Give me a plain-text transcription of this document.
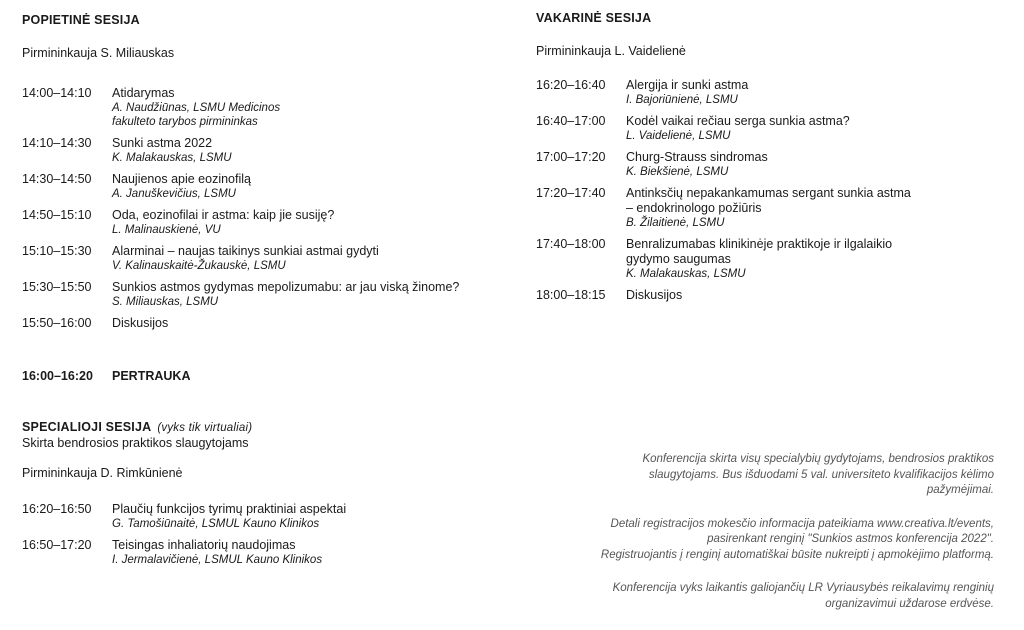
POPIETINĖ SESIJA
Pirmininkauja S. Miliauskas
14:00–14:10	Atidarymas
A. Naudžiūnas, LSMU Medicinos
fakulteto tarybos pirmininkas
14:10–14:30	Sunki astma 2022
K. Malakauskas, LSMU
14:30–14:50	Naujienos apie eozinofilą
A. Januškevičius, LSMU
14:50–15:10	Oda, eozinofilai ir astma: kaip jie susiję?
L. Malinauskienė, VU
15:10–15:30	Alarminai – naujas taikinys sunkiai astmai gydyti
V. Kalinauskaitė-Žukauskė, LSMU
15:30–15:50	Sunkios astmos gydymas mepolizumabu: ar jau viską žinome?
S. Miliauskas, LSMU
15:50–16:00	Diskusijos
16:00–16:20	PERTRAUKA
SPECIALIOJI SESIJA (vyks tik virtualiai)
Skirta bendrosios praktikos slaugytojams
Pirmininkauja D. Rimkūnienė
16:20–16:50	Plaučių funkcijos tyrimų praktiniai aspektai
G. Tamošiūnaitė, LSMUL Kauno Klinikos
16:50–17:20	Teisingas inhaliatorių naudojimas
I. Jermalavičienė, LSMUL Kauno Klinikos
VAKARINĖ SESIJA
Pirmininkauja L. Vaidelienė
16:20–16:40	Alergija ir sunki astma
I. Bajoriūnienė, LSMU
16:40–17:00	Kodėl vaikai rečiau serga sunkia astma?
L. Vaidelienė, LSMU
17:00–17:20	Churg-Strauss sindromas
K. Biekšienė, LSMU
17:20–17:40	Antinksčių nepakankamumas sergant sunkia astma
– endokrinologo požiūris
B. Žilaitienė, LSMU
17:40–18:00	Benralizumabas klinikinėje praktikoje ir ilgalaikio
gydymo saugumas
K. Malakauskas, LSMU
18:00–18:15	Diskusijos

Konferencija skirta visų specialybių gydytojams, bendrosios praktikos
slaugytojams. Bus išduodami 5 val. universiteto kvalifikacijos kėlimo
pažymėjimai.

Detali registracijos mokesčio informacija pateikiama www.creativa.lt/events,
pasirenkant renginį "Sunkios astmos konferencija 2022".
Registruojantis į renginį automatiškai būsite nukreipti į apmokėjimo platformą.

Konferencija vyks laikantis galiojančių LR Vyriausybės reikalavimų renginių
organizavimui uždarose erdvėse.
